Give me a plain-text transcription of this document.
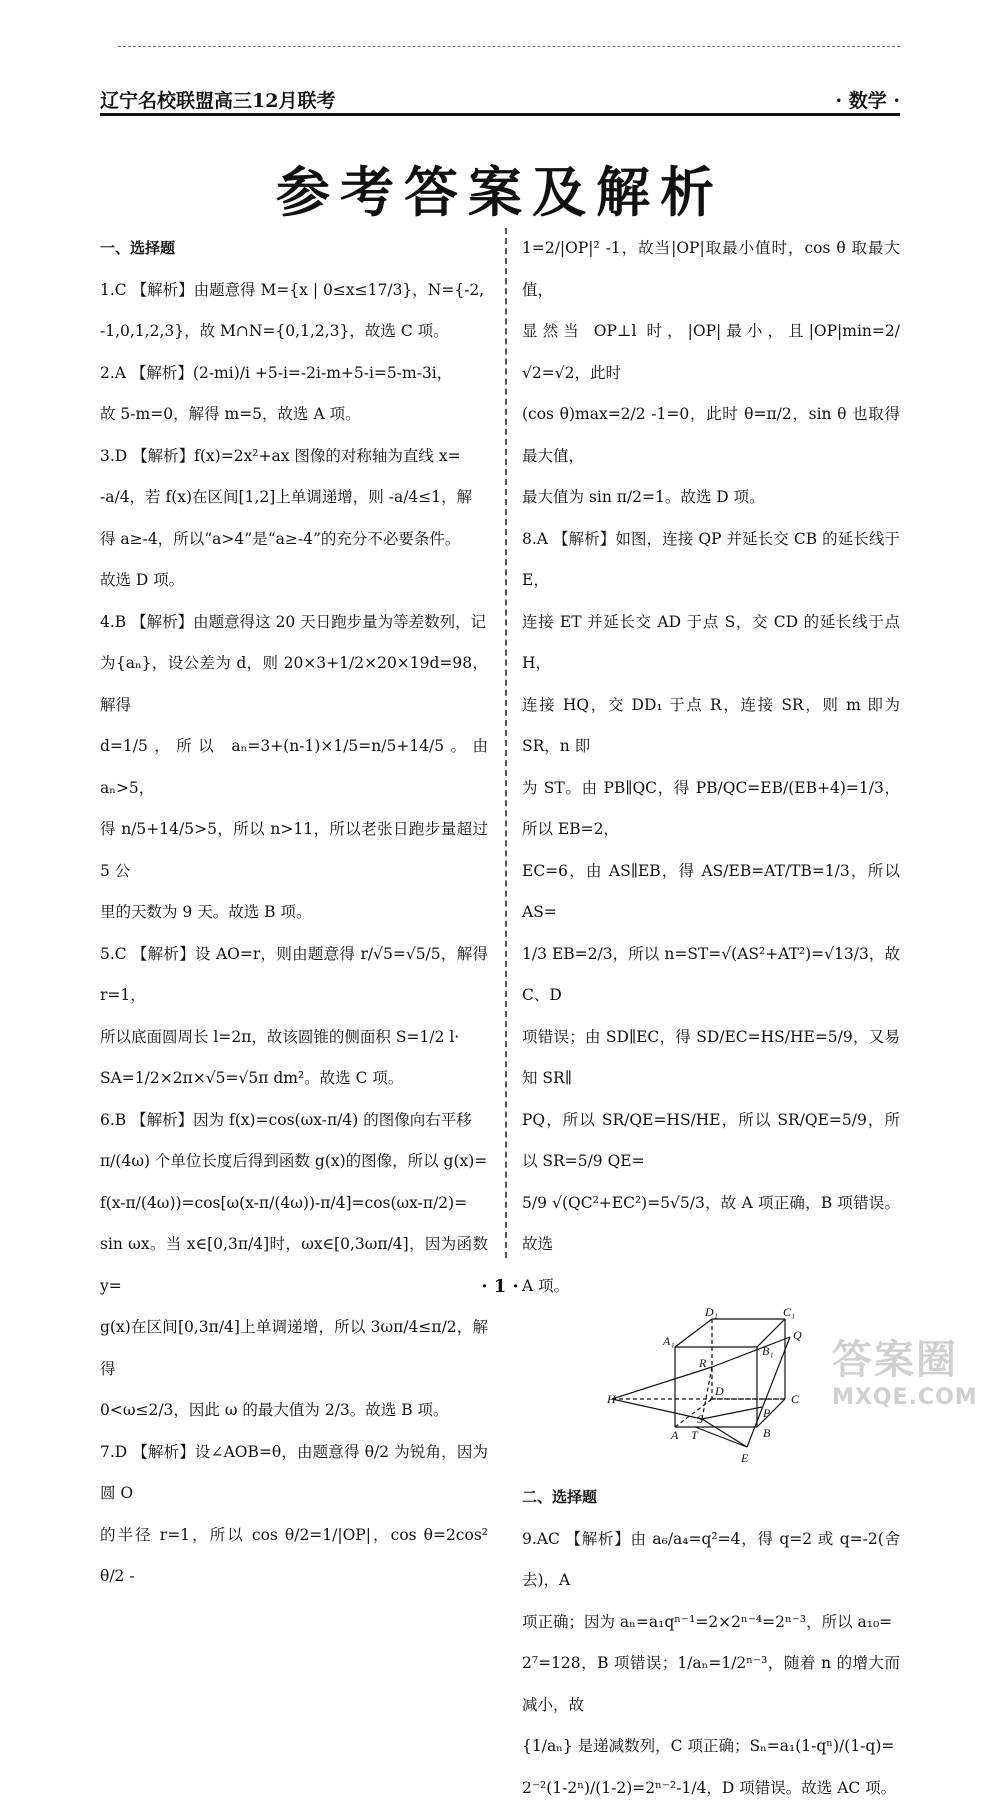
辽宁名校联盟高三12月联考	· 数学 ·
参考答案及解析
一、选择题

1.C 【解析】由题意得 M={x | 0≤x≤17/3}，N={-2,

-1,0,1,2,3}，故 M∩N={0,1,2,3}，故选 C 项。

2.A 【解析】(2-mi)/i +5-i=-2i-m+5-i=5-m-3i，

故 5-m=0，解得 m=5，故选 A 项。

3.D 【解析】f(x)=2x²+ax 图像的对称轴为直线 x=

-a/4，若 f(x)在区间[1,2]上单调递增，则 -a/4≤1，解

得 a≥-4，所以“a>4”是“a≥-4”的充分不必要条件。

故选 D 项。

4.B 【解析】由题意得这 20 天日跑步量为等差数列，记

为{aₙ}，设公差为 d，则 20×3+1/2×20×19d=98，解得

d=1/5，所以 aₙ=3+(n-1)×1/5=n/5+14/5。由 aₙ>5，

得 n/5+14/5>5，所以 n>11，所以老张日跑步量超过 5 公

里的天数为 9 天。故选 B 项。

5.C 【解析】设 AO=r，则由题意得 r/√5=√5/5，解得 r=1，

所以底面圆周长 l=2π，故该圆锥的侧面积 S=1/2 l·

SA=1/2×2π×√5=√5π dm²。故选 C 项。

6.B 【解析】因为 f(x)=cos(ωx-π/4) 的图像向右平移

π/(4ω) 个单位长度后得到函数 g(x)的图像，所以 g(x)=

f(x-π/(4ω))=cos[ω(x-π/(4ω))-π/4]=cos(ωx-π/2)=

sin ωx。当 x∈[0,3π/4]时，ωx∈[0,3ωπ/4]，因为函数 y=

g(x)在区间[0,3π/4]上单调递增，所以 3ωπ/4≤π/2，解得

0<ω≤2/3，因此 ω 的最大值为 2/3。故选 B 项。

7.D 【解析】设∠AOB=θ，由题意得 θ/2 为锐角，因为圆 O

的半径 r=1，所以 cos θ/2=1/|OP|，cos θ=2cos² θ/2 -

1=2/|OP|² -1，故当|OP|取最小值时，cos θ 取最大值，

显然当 OP⊥l 时，|OP|最小，且|OP|min=2/√2=√2，此时

(cos θ)max=2/2 -1=0，此时 θ=π/2，sin θ 也取得最大值，

最大值为 sin π/2=1。故选 D 项。

8.A 【解析】如图，连接 QP 并延长交 CB 的延长线于 E，

连接 ET 并延长交 AD 于点 S，交 CD 的延长线于点 H，

连接 HQ，交 DD₁ 于点 R，连接 SR，则 m 即为 SR，n 即

为 ST。由 PB∥QC，得 PB/QC=EB/(EB+4)=1/3，所以 EB=2，

EC=6，由 AS∥EB，得 AS/EB=AT/TB=1/3，所以 AS=

1/3 EB=2/3，所以 n=ST=√(AS²+AT²)=√13/3，故 C、D

项错误；由 SD∥EC，得 SD/EC=HS/HE=5/9，又易知 SR∥

PQ，所以 SR/QE=HS/HE，所以 SR/QE=5/9，所以 SR=5/9 QE=

5/9 √(QC²+EC²)=5√5/3，故 A 项正确，B 项错误。故选

A 项。

D₁	C₁
A₁
B₁
Q
R
D
C
H
S	P
A T	B
E
二、选择题

9.AC 【解析】由 a₆/a₄=q²=4，得 q=2 或 q=-2(舍去)，A

项正确；因为 aₙ=a₁qⁿ⁻¹=2×2ⁿ⁻⁴=2ⁿ⁻³，所以 a₁₀=

2⁷=128，B 项错误；1/aₙ=1/2ⁿ⁻³，随着 n 的增大而减小，故

{1/aₙ} 是递减数列，C 项正确；Sₙ=a₁(1-qⁿ)/(1-q)=

2⁻²(1-2ⁿ)/(1-2)=2ⁿ⁻²-1/4，D 项错误。故选 AC 项。

· 1 ·
答案圈
MXQE.COM
